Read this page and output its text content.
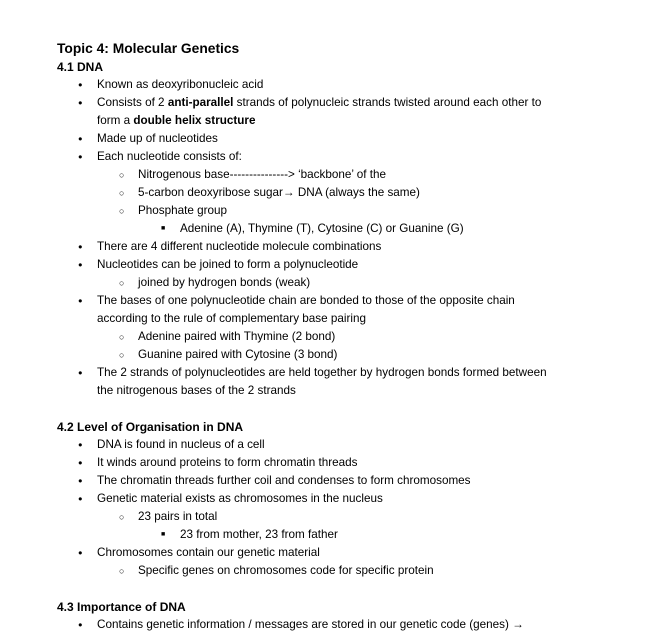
Topic 4: Molecular Genetics
4.1 DNA
● Known as deoxyribonucleic acid
● Consists of 2 anti-parallel strands of polynucleic strands twisted around each other to
form a double helix structure
● Made up of nucleotides
● Each nucleotide consists of:
○ Nitrogenous base---------------> ‘backbone’ of the
○ 5-carbon deoxyribose sugar→ DNA (always the same)
○ Phosphate group
■ Adenine (A), Thymine (T), Cytosine (C) or Guanine (G)
● There are 4 different nucleotide molecule combinations
● Nucleotides can be joined to form a polynucleotide
○ joined by hydrogen bonds (weak)
● The bases of one polynucleotide chain are bonded to those of the opposite chain
according to the rule of complementary base pairing
○ Adenine paired with Thymine (2 bond)
○ Guanine paired with Cytosine (3 bond)
● The 2 strands of polynucleotides are held together by hydrogen bonds formed between
the nitrogenous bases of the 2 strands
4.2 Level of Organisation in DNA
● DNA is found in nucleus of a cell
● It winds around proteins to form chromatin threads
● The chromatin threads further coil and condenses to form chromosomes
● Genetic material exists as chromosomes in the nucleus
○ 23 pairs in total
■ 23 from mother, 23 from father
● Chromosomes contain our genetic material
○ Specific genes on chromosomes code for specific protein
4.3 Importance of DNA
● Contains genetic information / messages are stored in our genetic code (genes) →
